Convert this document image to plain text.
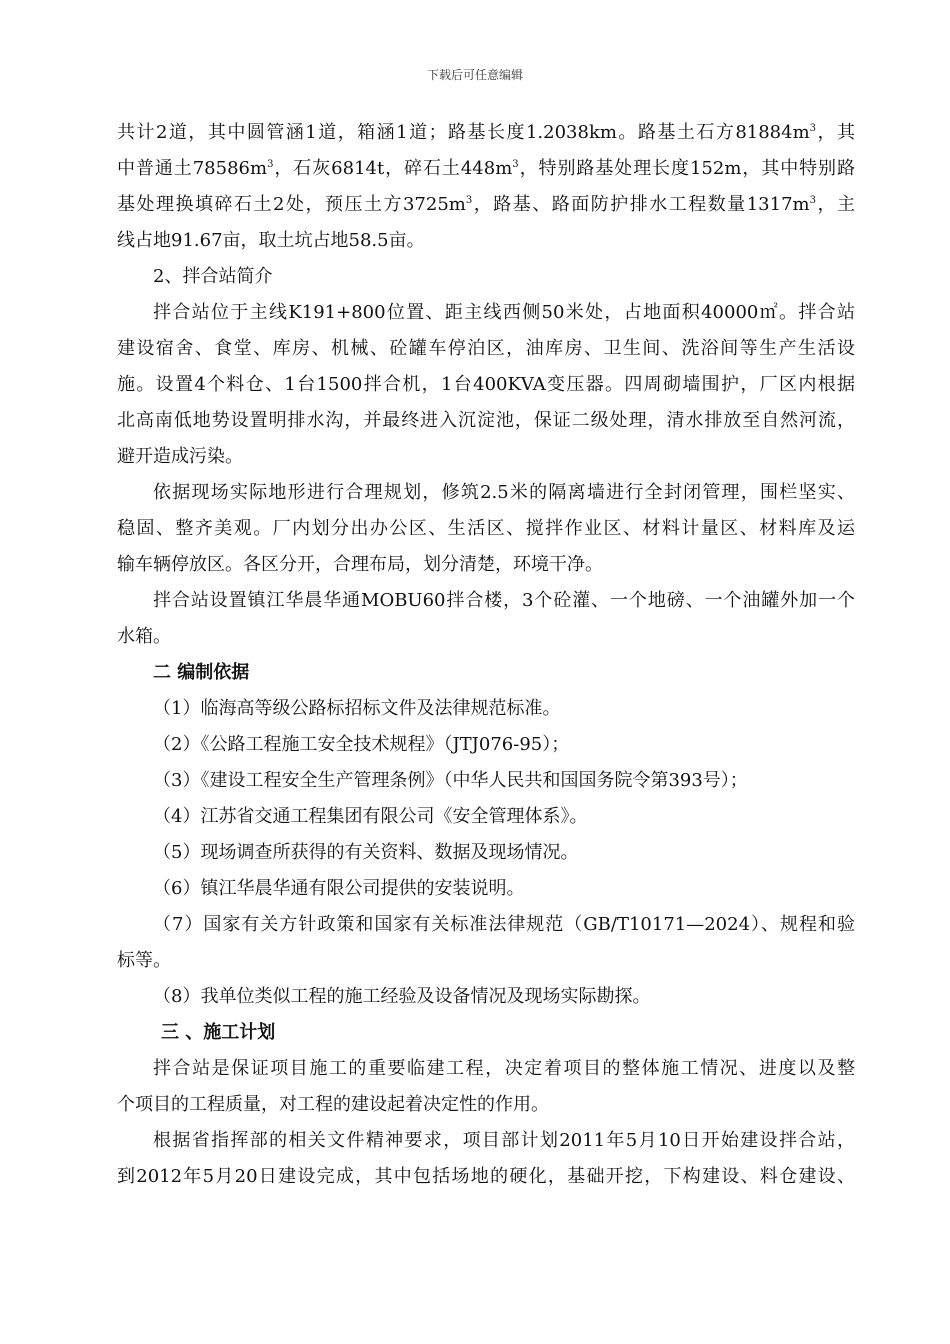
下载后可任意编辑
共计2道，其中圆管涵1道，箱涵1道；路基长度1.2038km。路基土石方$81884m^3$，其
中普通土$78586m^3$，石灰6814t，碎石土$448m^3$，特别路基处理长度152m，其中特别路
基处理换填碎石土2处，预压土方$3725m^3$，路基、路面防护排水工程数量$1317m^3$，主
线占地91.67亩，取土坑占地58.5亩。
2、拌合站简介
拌合站位于主线K191+800位置、距主线西侧50米处，占地面积40000㎡。拌合站
建设宿舍、食堂、库房、机械、砼罐车停泊区，油库房、卫生间、洗浴间等生产生活设
施。设置4个料仓、1台1500拌合机，1台400KVA变压器。四周砌墙围护，厂区内根据
北高南低地势设置明排水沟，并最终进入沉淀池，保证二级处理，清水排放至自然河流，
避开造成污染。
依据现场实际地形进行合理规划，修筑2.5米的隔离墙进行全封闭管理，围栏坚实、
稳固、整齐美观。厂内划分出办公区、生活区、搅拌作业区、材料计量区、材料库及运
输车辆停放区。各区分开，合理布局，划分清楚，环境干净。
拌合站设置镇江华晨华通MOBU60拌合楼，3个砼灌、一个地磅、一个油罐外加一个
水箱。
二 编制依据
（1）临海高等级公路标招标文件及法律规范标准。
（2）《公路工程施工安全技术规程》（JTJ076-95）；
（3）《建设工程安全生产管理条例》（中华人民共和国国务院令第393号）；
（4）江苏省交通工程集团有限公司《安全管理体系》。
（5）现场调查所获得的有关资料、数据及现场情况。
（6）镇江华晨华通有限公司提供的安装说明。
（7）国家有关方针政策和国家有关标准法律规范（GB/T10171—2024）、规程和验
标等。
（8）我单位类似工程的施工经验及设备情况及现场实际勘探。
三 、施工计划
拌合站是保证项目施工的重要临建工程，决定着项目的整体施工情况、进度以及整
个项目的工程质量，对工程的建设起着决定性的作用。
根据省指挥部的相关文件精神要求，项目部计划2011年5月10日开始建设拌合站，
到2012年5月20日建设完成，其中包括场地的硬化，基础开挖，下构建设、料仓建设、
